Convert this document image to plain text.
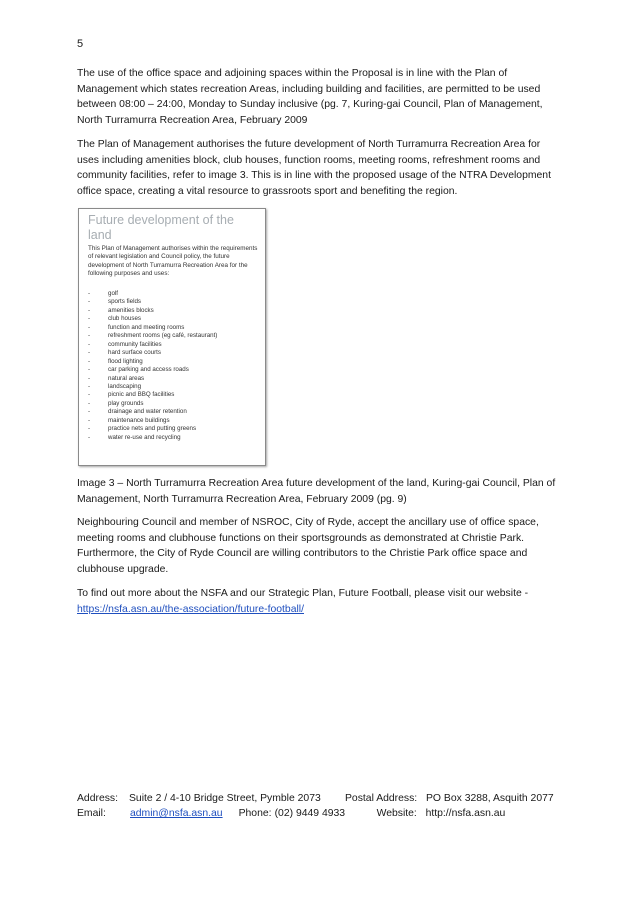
5

The use of the office space and adjoining spaces within the Proposal is in line with the Plan of Management which states recreation Areas, including building and facilities, are permitted to be used between 08:00 – 24:00, Monday to Sunday inclusive (pg. 7, Kuring-gai Council, Plan of Management, North Turramurra Recreation Area, February 2009

The Plan of Management authorises the future development of North Turramurra Recreation Area for uses including amenities block, club houses, function rooms, meeting rooms, refreshment rooms and community facilities, refer to image 3. This is in line with the proposed usage of the NTRA Development office space, creating a vital resource to grassroots sport and benefiting the region.

Future development of the land

This Plan of Management authorises within the requirements of relevant legislation and Council policy, the future development of North Turramurra Recreation Area for the following purposes and uses:

-	golf
-	sports fields
-	amenities blocks
-	club houses
-	function and meeting rooms
-	refreshment rooms (eg café, restaurant)
-	community facilities
-	hard surface courts
-	flood lighting
-	car parking and access roads
-	natural areas
-	landscaping
-	picnic and BBQ facilities
-	play grounds
-	drainage and water retention
-	maintenance buildings
-	practice nets and putting greens
-	water re-use and recycling

Image 3 – North Turramurra Recreation Area future development of the land, Kuring-gai Council, Plan of Management, North Turramurra Recreation Area, February 2009 (pg. 9)

Neighbouring Council and member of NSROC, City of Ryde, accept the ancillary use of office space, meeting rooms and clubhouse functions on their sportsgrounds as demonstrated at Christie Park. Furthermore, the City of Ryde Council are willing contributors to the Christie Park office space and clubhouse upgrade.

To find out more about the NSFA and our Strategic Plan, Future Football, please visit our website -
https://nsfa.asn.au/the-association/future-football/

Address: Suite 2 / 4-10 Bridge Street, Pymble 2073 Postal Address: PO Box 3288, Asquith 2077
Email: admin@nsfa.asn.au Phone: (02) 9449 4933	Website: http://nsfa.asn.au
